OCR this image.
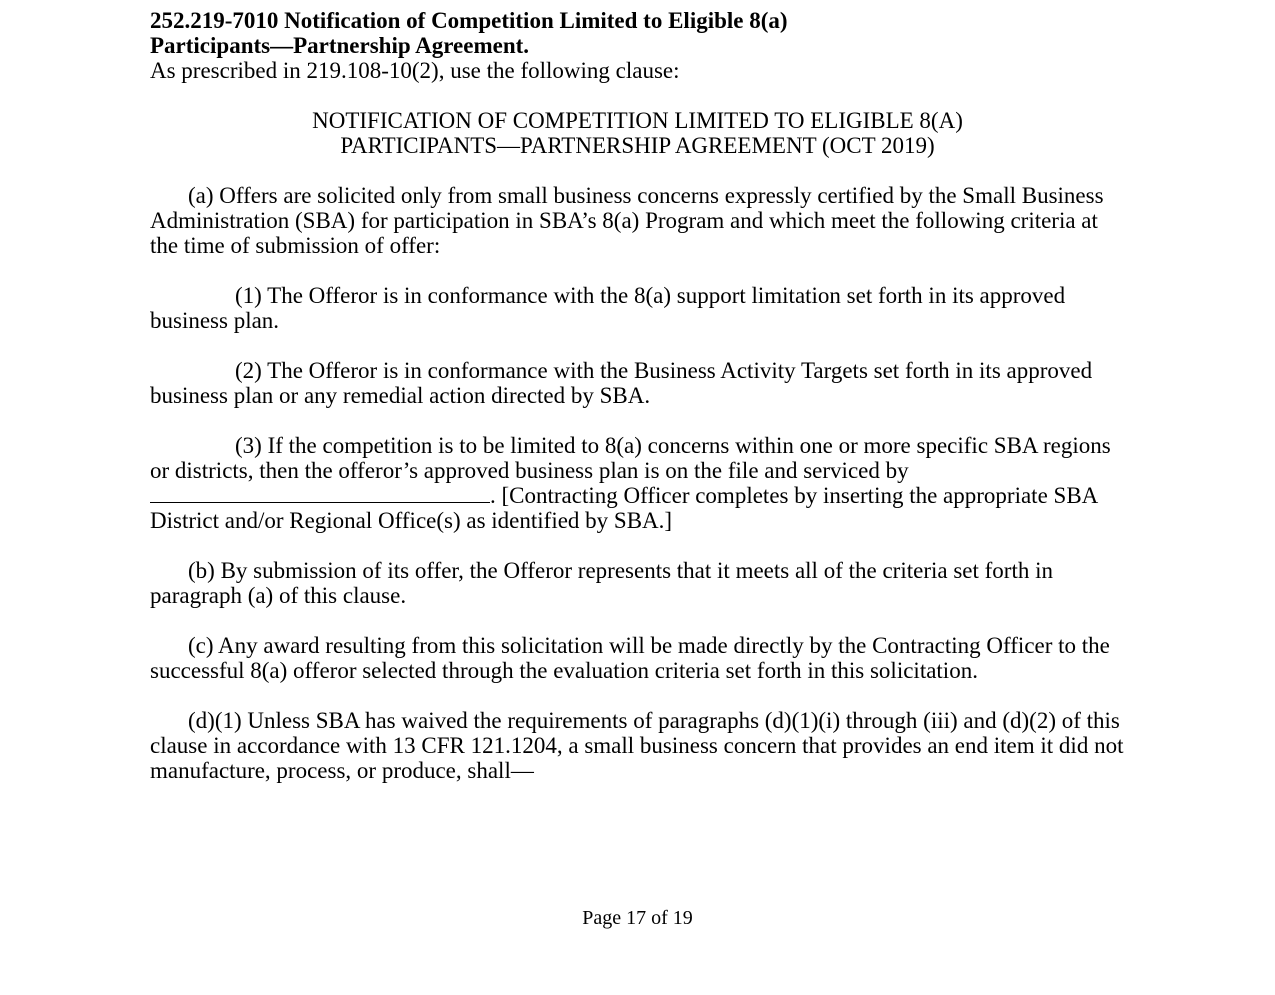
252.219-7010 Notification of Competition Limited to Eligible 8(a)
Participants—Partnership Agreement.

As prescribed in 219.108-10(2), use the following clause:

NOTIFICATION OF COMPETITION LIMITED TO ELIGIBLE 8(A)
PARTICIPANTS—PARTNERSHIP AGREEMENT (OCT 2019)

(a) Offers are solicited only from small business concerns expressly certified by the Small Business Administration (SBA) for participation in SBA’s 8(a) Program and which meet the following criteria at the time of submission of offer:

(1) The Offeror is in conformance with the 8(a) support limitation set forth in its approved business plan.

(2) The Offeror is in conformance with the Business Activity Targets set forth in its approved business plan or any remedial action directed by SBA.

(3) If the competition is to be limited to 8(a) concerns within one or more specific SBA regions or districts, then the offeror’s approved business plan is on the file and serviced by . [Contracting Officer completes by inserting the appropriate SBA District and/or Regional Office(s) as identified by SBA.]

(b) By submission of its offer, the Offeror represents that it meets all of the criteria set forth in paragraph (a) of this clause.

(c) Any award resulting from this solicitation will be made directly by the Contracting Officer to the successful 8(a) offeror selected through the evaluation criteria set forth in this solicitation.

(d)(1) Unless SBA has waived the requirements of paragraphs (d)(1)(i) through (iii) and (d)(2) of this clause in accordance with 13 CFR 121.1204, a small business concern that provides an end item it did not manufacture, process, or produce, shall—

Page 17 of 19
